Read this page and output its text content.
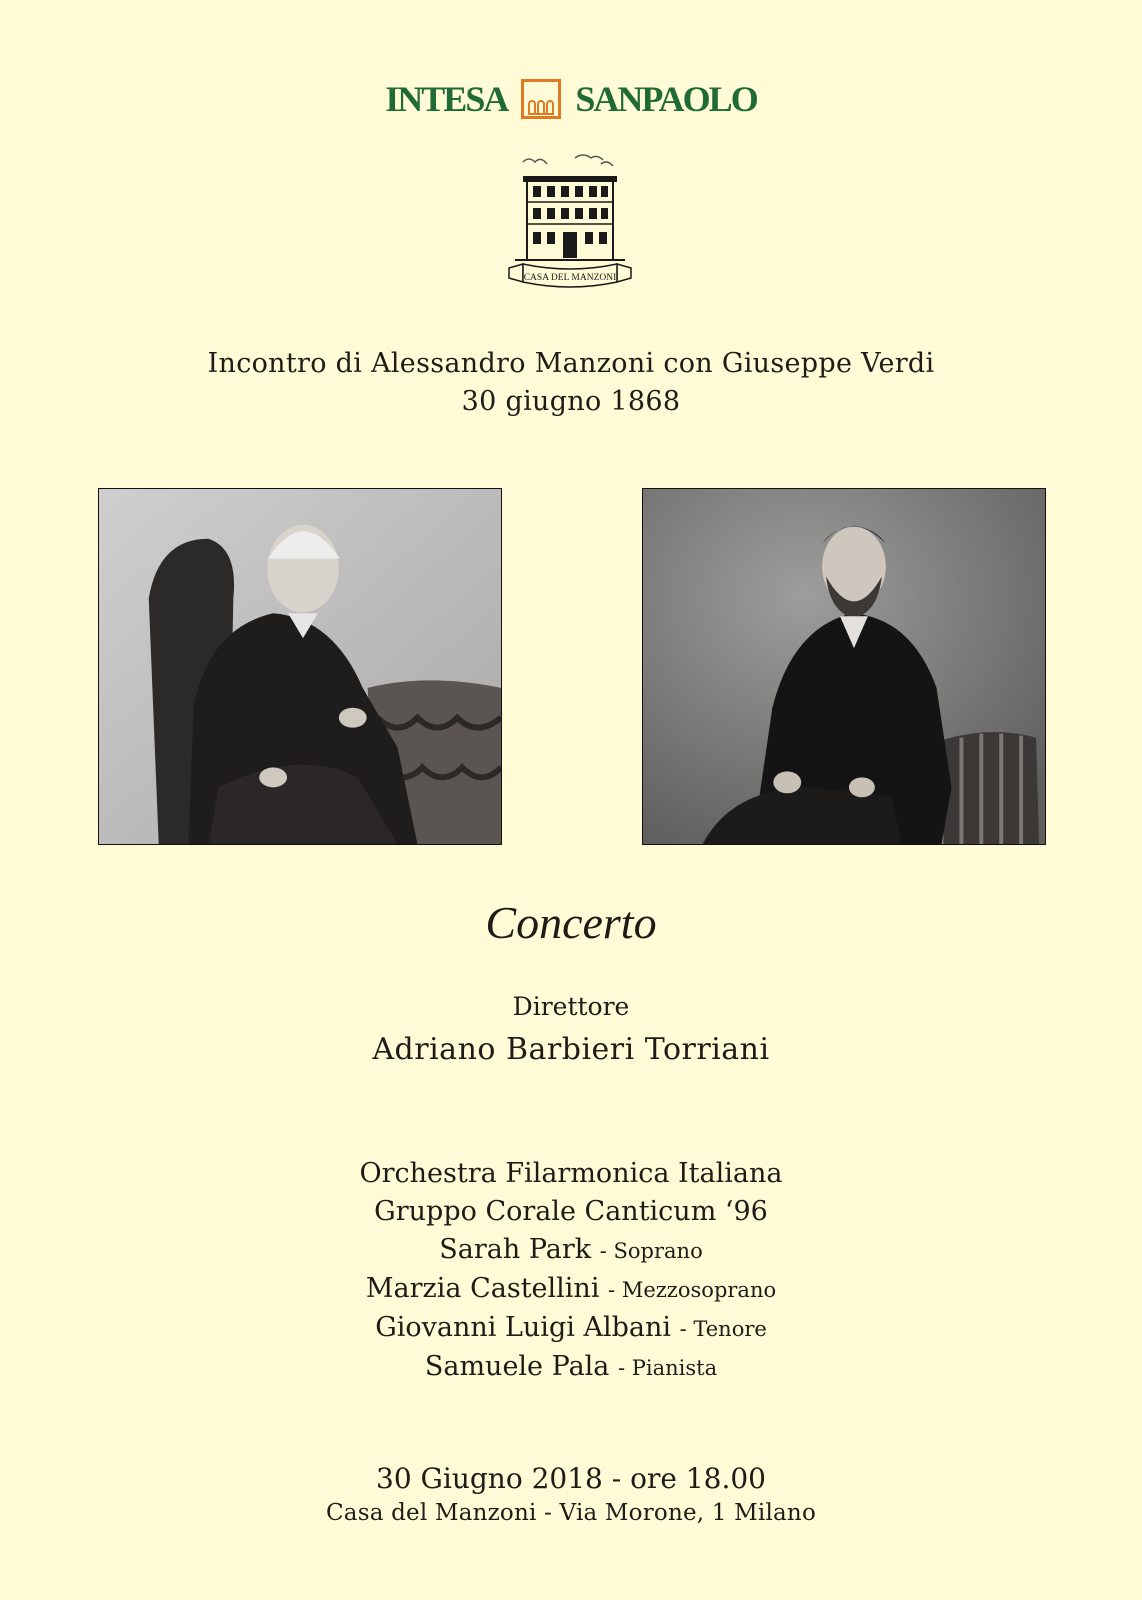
INTESA SANPAOLO
CASA DEL MANZONI
Incontro di Alessandro Manzoni con Giuseppe Verdi
30 giugno 1868
Concerto
Direttore
Adriano Barbieri Torriani
Orchestra Filarmonica Italiana
Gruppo Corale Canticum ‘96
Sarah Park - Soprano
Marzia Castellini - Mezzosoprano
Giovanni Luigi Albani - Tenore
Samuele Pala - Pianista
30 Giugno 2018 - ore 18.00
Casa del Manzoni - Via Morone, 1 Milano
